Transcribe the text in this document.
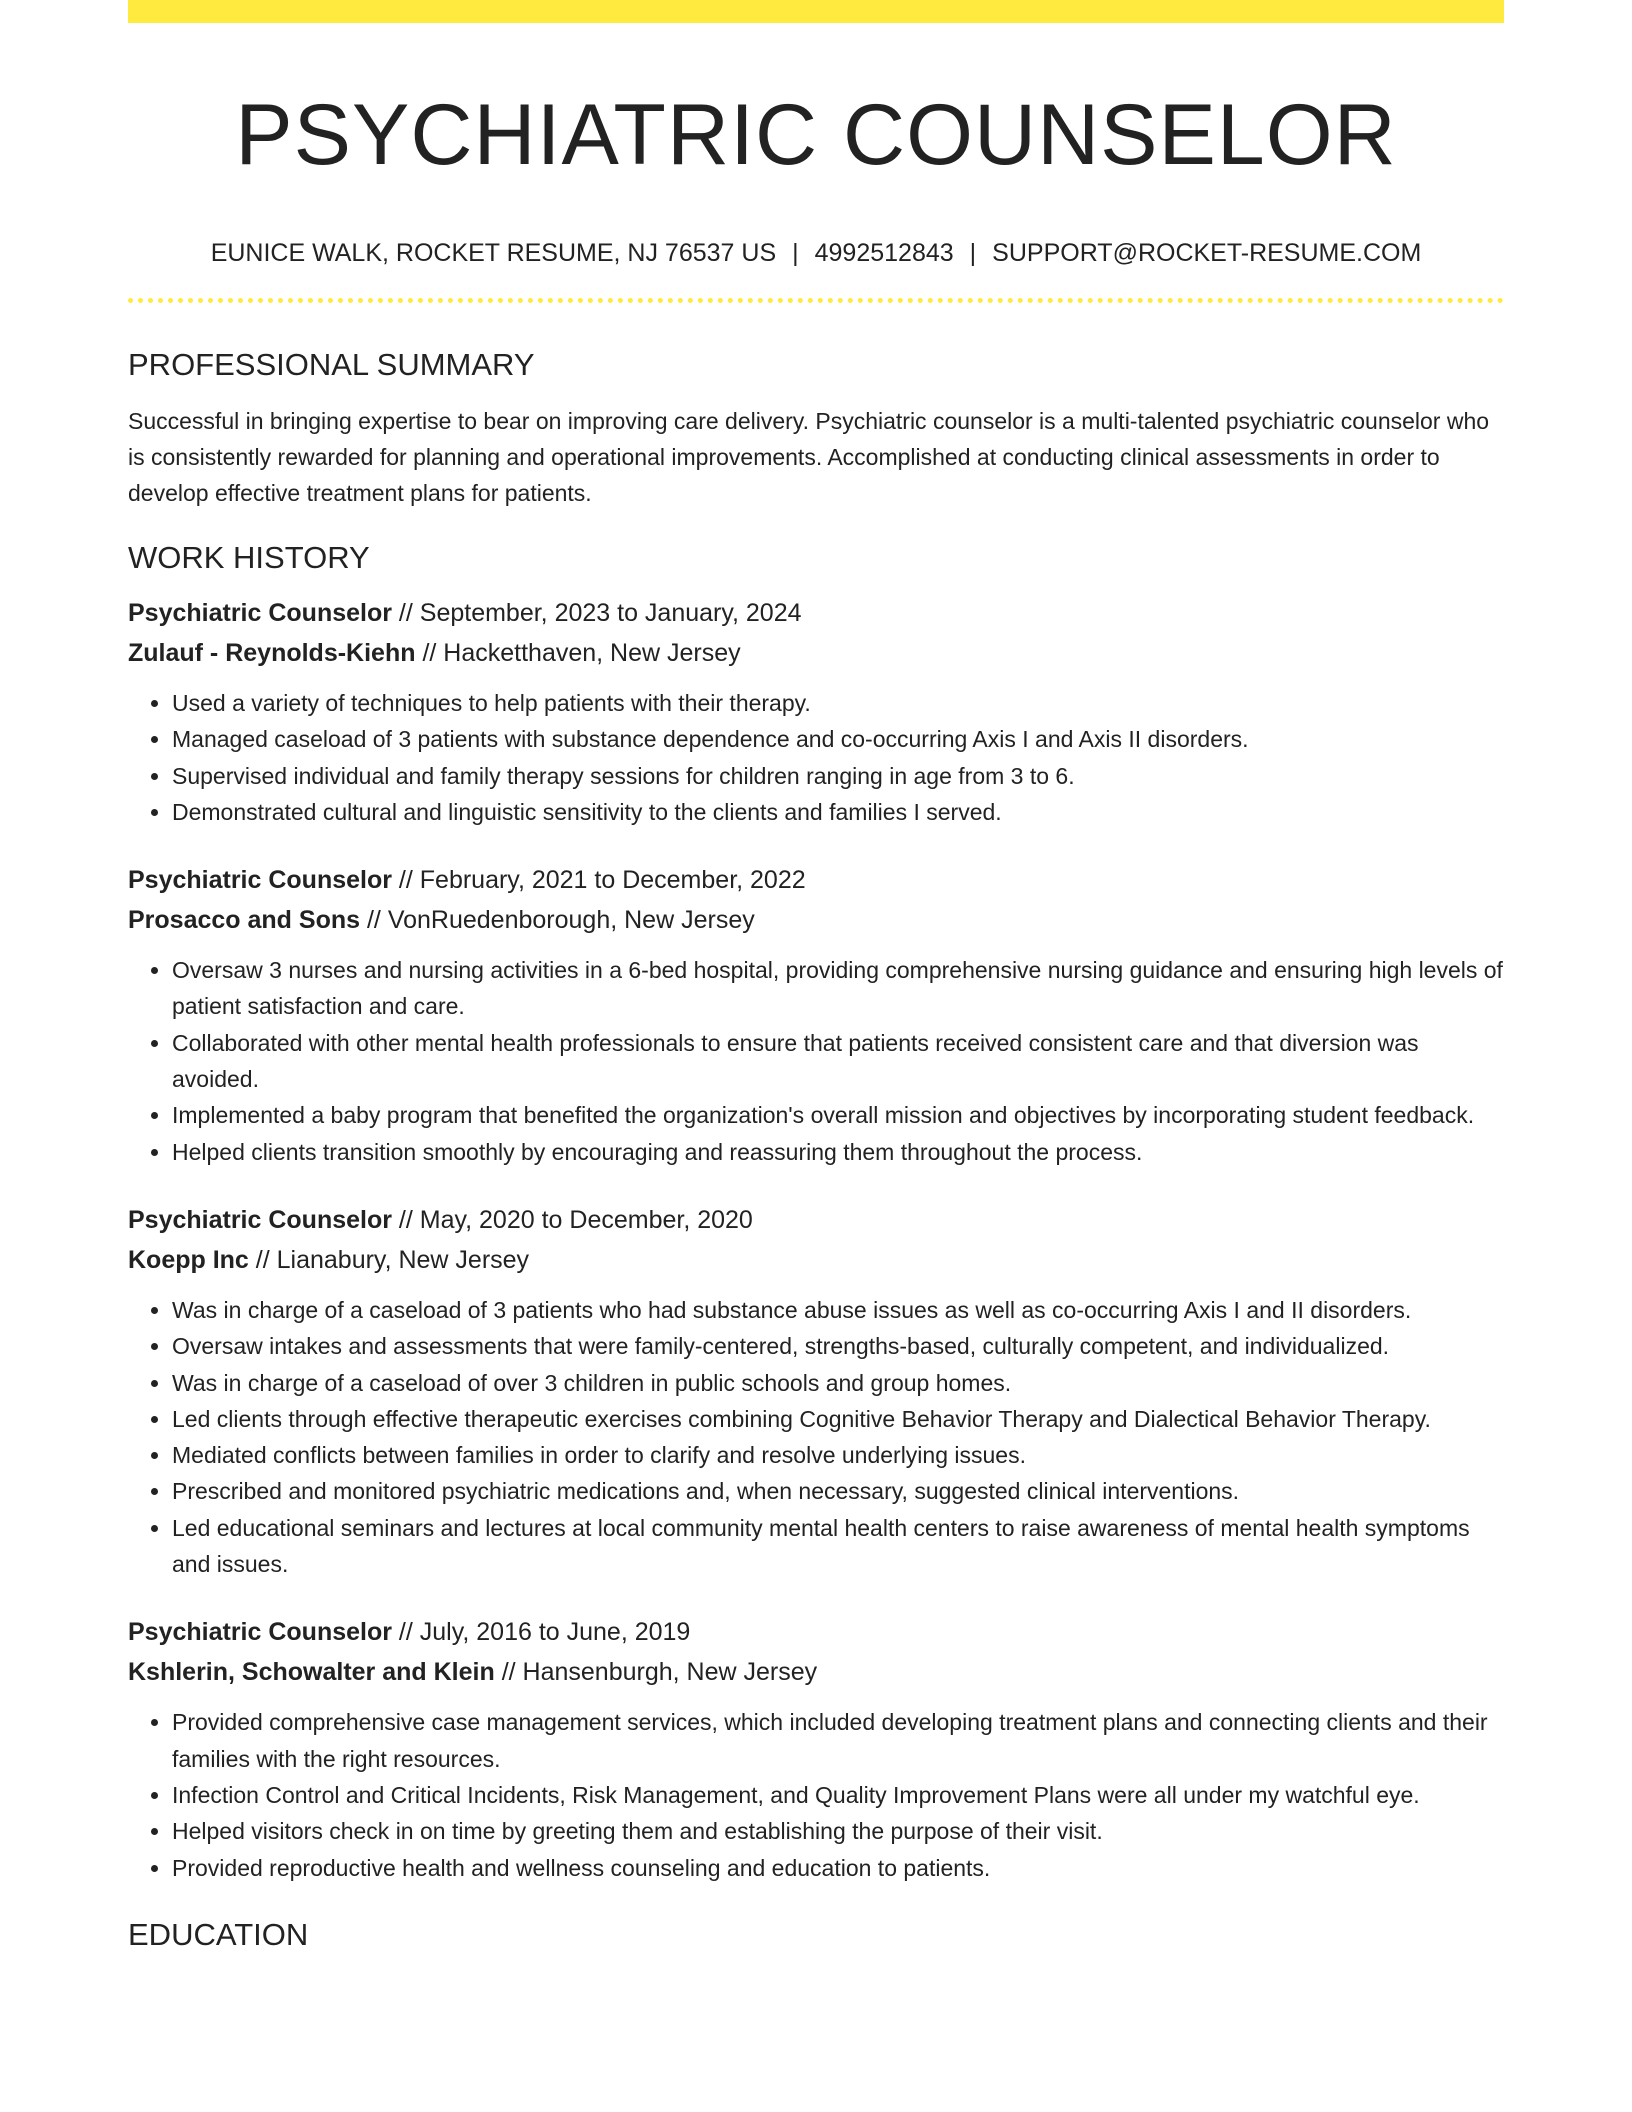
PSYCHIATRIC COUNSELOR
EUNICE WALK, ROCKET RESUME, NJ 76537 US | 4992512843 | SUPPORT@ROCKET-RESUME.COM
PROFESSIONAL SUMMARY

Successful in bringing expertise to bear on improving care delivery. Psychiatric counselor is a multi-talented psychiatric counselor who is consistently rewarded for planning and operational improvements. Accomplished at conducting clinical assessments in order to develop effective treatment plans for patients.

WORK HISTORY
Psychiatric Counselor // September, 2023 to January, 2024
Zulauf - Reynolds-Kiehn // Hacketthaven, New Jersey
• Used a variety of techniques to help patients with their therapy.
• Managed caseload of 3 patients with substance dependence and co-occurring Axis I and Axis II disorders.
• Supervised individual and family therapy sessions for children ranging in age from 3 to 6.
• Demonstrated cultural and linguistic sensitivity to the clients and families I served.
Psychiatric Counselor // February, 2021 to December, 2022
Prosacco and Sons // VonRuedenborough, New Jersey
• Oversaw 3 nurses and nursing activities in a 6-bed hospital, providing comprehensive nursing guidance and ensuring high levels of patient satisfaction and care.
• Collaborated with other mental health professionals to ensure that patients received consistent care and that diversion was avoided.
• Implemented a baby program that benefited the organization's overall mission and objectives by incorporating student feedback.
• Helped clients transition smoothly by encouraging and reassuring them throughout the process.
Psychiatric Counselor // May, 2020 to December, 2020
Koepp Inc // Lianabury, New Jersey
• Was in charge of a caseload of 3 patients who had substance abuse issues as well as co-occurring Axis I and II disorders.
• Oversaw intakes and assessments that were family-centered, strengths-based, culturally competent, and individualized.
• Was in charge of a caseload of over 3 children in public schools and group homes.
• Led clients through effective therapeutic exercises combining Cognitive Behavior Therapy and Dialectical Behavior Therapy.
• Mediated conflicts between families in order to clarify and resolve underlying issues.
• Prescribed and monitored psychiatric medications and, when necessary, suggested clinical interventions.
• Led educational seminars and lectures at local community mental health centers to raise awareness of mental health symptoms and issues.
Psychiatric Counselor // July, 2016 to June, 2019
Kshlerin, Schowalter and Klein // Hansenburgh, New Jersey
• Provided comprehensive case management services, which included developing treatment plans and connecting clients and their families with the right resources.
• Infection Control and Critical Incidents, Risk Management, and Quality Improvement Plans were all under my watchful eye.
• Helped visitors check in on time by greeting them and establishing the purpose of their visit.
• Provided reproductive health and wellness counseling and education to patients.
EDUCATION
